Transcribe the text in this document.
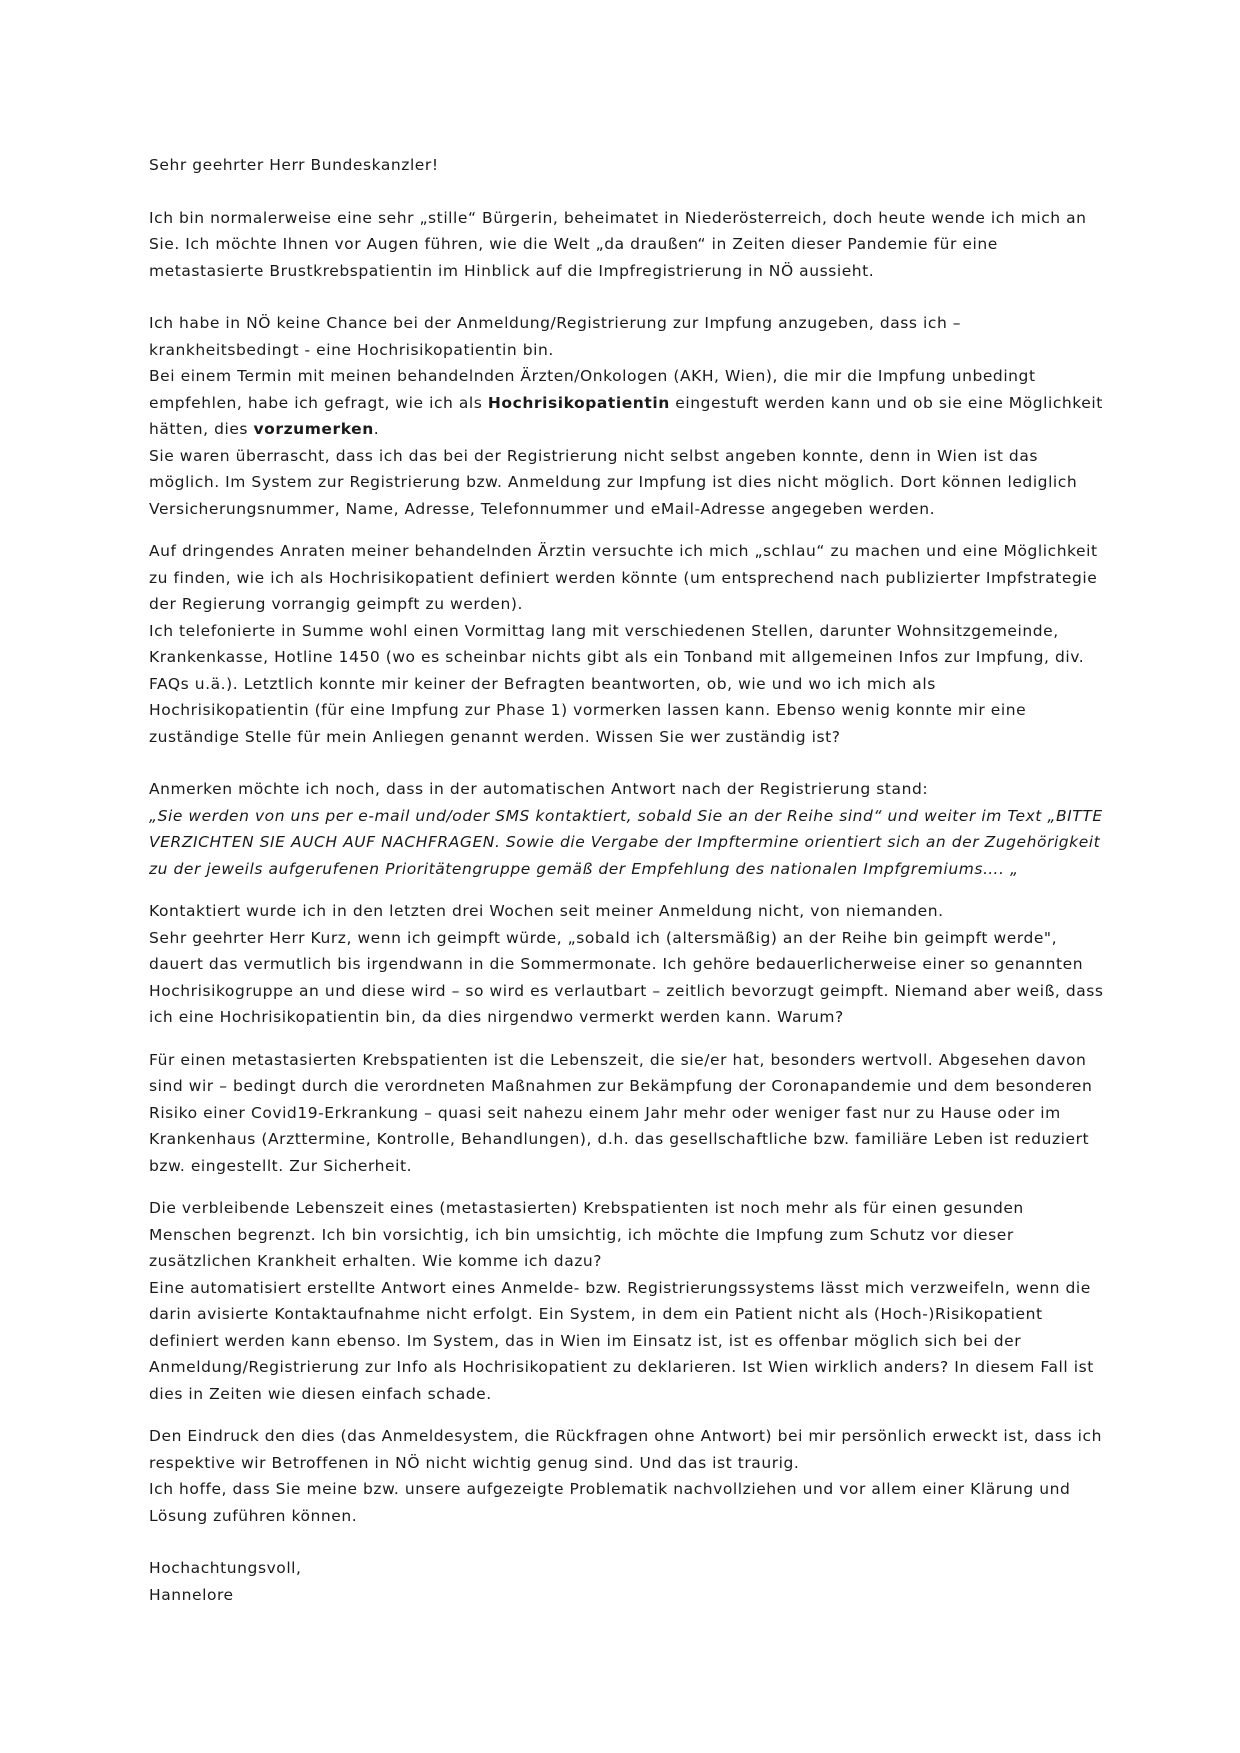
Sehr geehrter Herr Bundeskanzler!

Ich bin normalerweise eine sehr „stille“ Bürgerin, beheimatet in Niederösterreich, doch heute wende ich mich an
Sie. Ich möchte Ihnen vor Augen führen, wie die Welt „da draußen“ in Zeiten dieser Pandemie für eine
metastasierte Brustkrebspatientin im Hinblick auf die Impfregistrierung in NÖ aussieht.

Ich habe in NÖ keine Chance bei der Anmeldung/Registrierung zur Impfung anzugeben, dass ich –
krankheitsbedingt - eine Hochrisikopatientin bin.
Bei einem Termin mit meinen behandelnden Ärzten/Onkologen (AKH, Wien), die mir die Impfung unbedingt
empfehlen, habe ich gefragt, wie ich als Hochrisikopatientin eingestuft werden kann und ob sie eine Möglichkeit
hätten, dies vorzumerken.
Sie waren überrascht, dass ich das bei der Registrierung nicht selbst angeben konnte, denn in Wien ist das
möglich. Im System zur Registrierung bzw. Anmeldung zur Impfung ist dies nicht möglich. Dort können lediglich
Versicherungsnummer, Name, Adresse, Telefonnummer und eMail-Adresse angegeben werden.

Auf dringendes Anraten meiner behandelnden Ärztin versuchte ich mich „schlau“ zu machen und eine Möglichkeit
zu finden, wie ich als Hochrisikopatient definiert werden könnte (um entsprechend nach publizierter Impfstrategie
der Regierung vorrangig geimpft zu werden).
Ich telefonierte in Summe wohl einen Vormittag lang mit verschiedenen Stellen, darunter Wohnsitzgemeinde,
Krankenkasse, Hotline 1450 (wo es scheinbar nichts gibt als ein Tonband mit allgemeinen Infos zur Impfung, div.
FAQs u.ä.). Letztlich konnte mir keiner der Befragten beantworten, ob, wie und wo ich mich als
Hochrisikopatientin (für eine Impfung zur Phase 1) vormerken lassen kann. Ebenso wenig konnte mir eine
zuständige Stelle für mein Anliegen genannt werden. Wissen Sie wer zuständig ist?

Anmerken möchte ich noch, dass in der automatischen Antwort nach der Registrierung stand:
„Sie werden von uns per e-mail und/oder SMS kontaktiert, sobald Sie an der Reihe sind“ und weiter im Text „BITTE
VERZICHTEN SIE AUCH AUF NACHFRAGEN. Sowie die Vergabe der Impftermine orientiert sich an der Zugehörigkeit
zu der jeweils aufgerufenen Prioritätengruppe gemäß der Empfehlung des nationalen Impfgremiums…. „

Kontaktiert wurde ich in den letzten drei Wochen seit meiner Anmeldung nicht, von niemanden.
Sehr geehrter Herr Kurz, wenn ich geimpft würde, „sobald ich (altersmäßig) an der Reihe bin geimpft werde",
dauert das vermutlich bis irgendwann in die Sommermonate. Ich gehöre bedauerlicherweise einer so genannten
Hochrisikogruppe an und diese wird – so wird es verlautbart – zeitlich bevorzugt geimpft. Niemand aber weiß, dass
ich eine Hochrisikopatientin bin, da dies nirgendwo vermerkt werden kann. Warum?

Für einen metastasierten Krebspatienten ist die Lebenszeit, die sie/er hat, besonders wertvoll. Abgesehen davon
sind wir – bedingt durch die verordneten Maßnahmen zur Bekämpfung der Coronapandemie und dem besonderen
Risiko einer Covid19-Erkrankung – quasi seit nahezu einem Jahr mehr oder weniger fast nur zu Hause oder im
Krankenhaus (Arzttermine, Kontrolle, Behandlungen), d.h. das gesellschaftliche bzw. familiäre Leben ist reduziert
bzw. eingestellt. Zur Sicherheit.

Die verbleibende Lebenszeit eines (metastasierten) Krebspatienten ist noch mehr als für einen gesunden
Menschen begrenzt. Ich bin vorsichtig, ich bin umsichtig, ich möchte die Impfung zum Schutz vor dieser
zusätzlichen Krankheit erhalten. Wie komme ich dazu?
Eine automatisiert erstellte Antwort eines Anmelde- bzw. Registrierungssystems lässt mich verzweifeln, wenn die
darin avisierte Kontaktaufnahme nicht erfolgt. Ein System, in dem ein Patient nicht als (Hoch-)Risikopatient
definiert werden kann ebenso. Im System, das in Wien im Einsatz ist, ist es offenbar möglich sich bei der
Anmeldung/Registrierung zur Info als Hochrisikopatient zu deklarieren. Ist Wien wirklich anders? In diesem Fall ist
dies in Zeiten wie diesen einfach schade.

Den Eindruck den dies (das Anmeldesystem, die Rückfragen ohne Antwort) bei mir persönlich erweckt ist, dass ich
respektive wir Betroffenen in NÖ nicht wichtig genug sind. Und das ist traurig.
Ich hoffe, dass Sie meine bzw. unsere aufgezeigte Problematik nachvollziehen und vor allem einer Klärung und
Lösung zuführen können.

Hochachtungsvoll,
Hannelore
